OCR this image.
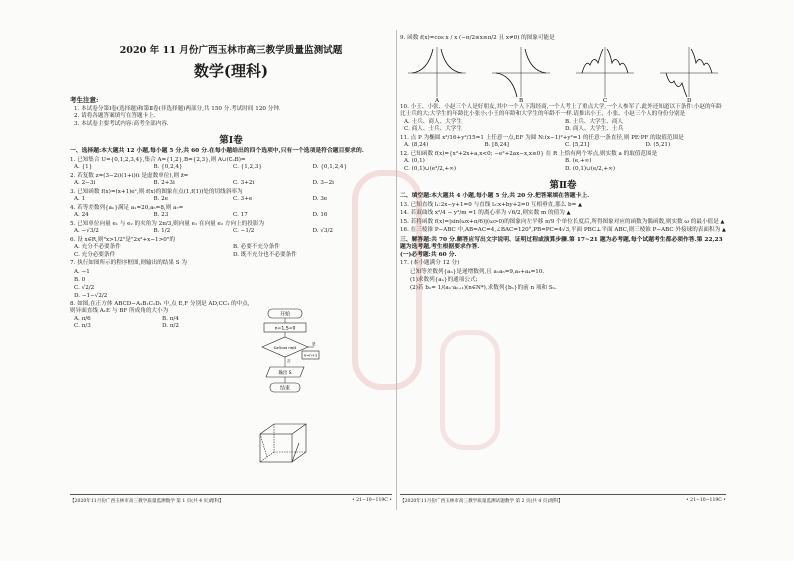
2020 年 11 月份广西玉林市高三教学质量监测试题
数学(理科)
考生注意:
1. 本试卷分第Ⅰ卷(选择题)和第Ⅱ卷(非选择题)两部分,共 150 分.考试时间 120 分钟.
2. 请将各题答案填写在答题卡上.
3. 本试卷主要考试内容:高考全部内容.
第Ⅰ卷
一、选择题:本大题共 12 小题,每小题 5 分,共 60 分.在每小题给出的四个选项中,只有一个选项是符合题目要求的.
1. 已知集合 U={0,1,2,3,4},集合 A={1,2},B={2,3},则 A∪(∁ᵤB)=
A. {1}	B. {0,2,4}	C. {1,2,3}	D. {0,1,2,4}
2. 若复数 z=(3−2i)(1+i)(i 是虚数单位),则 z̄=
A. 2−3i	B. 2+3i	C. 3+2i	D. 3−2i
3. 已知函数 f(x)=(x+1)eˣ,则 f(x)的图象在点(1,f(1))处的切线斜率为
A. 1	B. 2e	C. 3+e	D. 3e
4. 若等差数列{aₙ}满足 a₁=20,a₅=8,则 a₇=
A. 24	B. 23	C. 17	D. 16
5. 已知单位向量 e₁ 与 e₂ 的夹角为 2π/3,则向量 e₁ 在向量 e₂ 方向上的投影为
A. −√3/2	B. 1/2	C. −1/2	D. √3/2
6. 设 x∈R,则"x>1/2"是"2x²+x−1>0"的
A. 充分不必要条件	B. 必要不充分条件
C. 充分必要条件	D. 既不充分也不必要条件
7. 执行如图所示的程序框图,则输出的结果 S 为
A. −1
B. 0
C. √2/2
D. −1−√2/2
8. 如图,在正方体 ABCD−A₁B₁C₁D₁ 中,点 E,F 分别是 AD,CC₁ 的中点,则异面直线 A₁E 与 BF 所成角的大小为
A. π/6	B. π/4
C. π/3	D. π/2
开始
n=1,S=0
S≥5cos nπ/4
n=n+1
是
否
输出 S
结束
9. 函数 f(x)=cos x / x (−π/2≤x≤π/2 且 x≠0) 的图象可能是
A	B	C	D
10. 小王、小张、小赵三个人是好朋友,其中一个人下海经商,一个人考上了重点大学,一个人参军了.此外还知道以下条件:小赵的年龄比士兵的大;大学生的年龄比小张小;小王的年龄和大学生的年龄不一样.请推出小王、小张、小赵三个人的身份分别是
A. 士兵、商人、大学生	B. 士兵、大学生、商人
C. 商人、士兵、大学生	D. 商人、大学生、士兵
11. 点 P 为椭圆 x²/16+y²/15=1 上任意一点,EF 为圆 N:(x−1)²+y²=1 的任意一条直径,则 PE·PF 的取值范围是
A. (8,24)	B. [8,24]	C. [5,21]	D. (5,21)
12. 已知函数 f(x)={x²+2x+a,x<0; −e²+2ax−x,x≥0} 在 R 上恰有两个零点,则实数 a 的取值范围是
A. (0,1)	B. (e,+∞)
C. (0,1)∪(e²/2,+∞)	D. (0,1)∪(e/2,+∞)
第Ⅱ卷
二、填空题:本大题共 4 小题,每小题 5 分,共 20 分.把答案填在答题卡上.
13. 已知直线 l₁:2x−y+1=0 与直线 l₂:x+by+2=0 互相垂直,那么 b= ▲
14. 若双曲线 x²/4 − y²/m =1 的离心率为 √6/2,则实数 m 的值为 ▲
15. 若将函数 f(x)=|sin(ωx+π/6)|(ω>0)的图象向左平移 π/9 个单位长度后,所得图象对应的函数为偶函数,则实数 ω 的最小值是 ▲
16. 在三棱锥 P−ABC 中,AB=AC=4,∠BAC=120°,PB=PC=4√3,平面 PBC⊥平面 ABC,则三棱锥 P−ABC 外接球的表面积为 ▲
三、解答题:共 70 分.解答应写出文字说明、证明过程或演算步骤.第 17~21 题为必考题,每个试题考生都必须作答.第 22,23 题为选考题,考生根据要求作答.
(一)必考题:共 60 分.
17. (本小题满分 12 分)
已知等差数列{aₙ}是递增数列,且 a₁a₅=9,a₂+a₄=10.
(1)求数列{aₙ}的通项公式;
(2)若 bₙ= 1/(aₙ·aₙ₊₁)(n∈N*),求数列{bₙ}的前 n 项和 Sₙ.
【2020年11月份广西玉林市高三教学质量监测数学 第 1 页(共 4 页)理科】	• 21−10−119C • 【2020年11月份广西玉林市高三教学质量监测试题数学 第 2 页(共 4 页)理科】	• 21−10−119C •
